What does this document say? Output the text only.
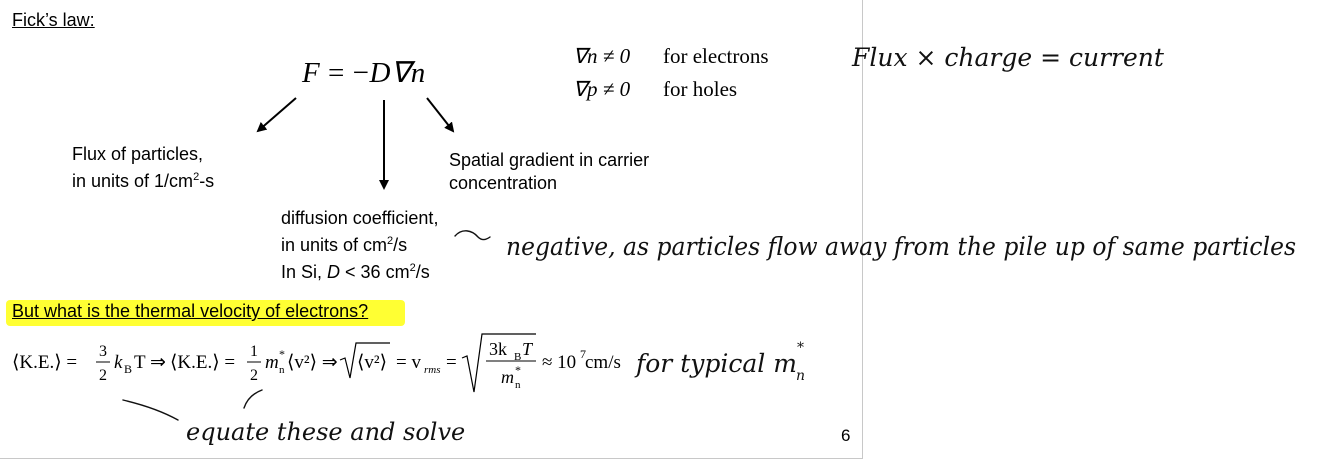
Fick’s law:
F = −D∇n
∇n ≠ 0 for electrons
∇p ≠ 0 for holes
Flux of particles,
in units of $1/cm^2-s$
Spatial gradient in carrier
concentration
diffusion coefficient,
in units of $cm^2/s$
In Si, D < 36 $cm^2/s$
But what is the thermal velocity of electrons?
6
⟨K.E.⟩ =
3
2
k B T ⇒ ⟨K.E.⟩ =
1
2
m n
* ⟨v²⟩ ⇒ ⟨v²⟩ = v rms =
3k B T
m n
* ≈ 10 7 cm/s
Flux × charge = current
negative, as particles flow away from the pile up of same particles
for typical m n
*
equate these and solve
